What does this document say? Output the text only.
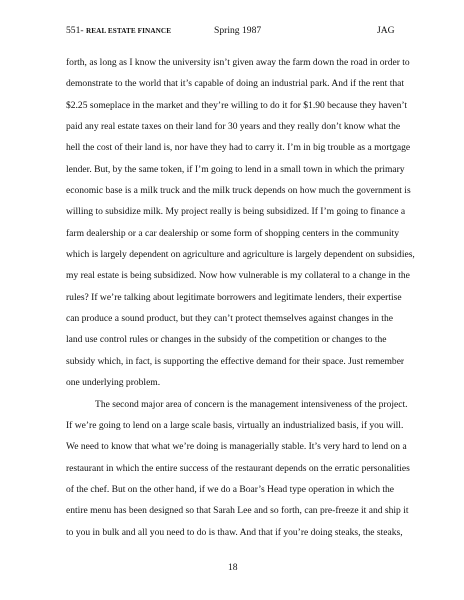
551- REAL ESTATE FINANCE	Spring 1987	JAG
forth, as long as I know the university isn’t given away the farm down the road in order to
demonstrate to the world that it’s capable of doing an industrial park. And if the rent that
$2.25 someplace in the market and they’re willing to do it for $1.90 because they haven’t
paid any real estate taxes on their land for 30 years and they really don’t know what the
hell the cost of their land is, nor have they had to carry it. I’m in big trouble as a mortgage
lender. But, by the same token, if I’m going to lend in a small town in which the primary
economic base is a milk truck and the milk truck depends on how much the government is
willing to subsidize milk. My project really is being subsidized. If I’m going to finance a
farm dealership or a car dealership or some form of shopping centers in the community
which is largely dependent on agriculture and agriculture is largely dependent on subsidies,
my real estate is being subsidized. Now how vulnerable is my collateral to a change in the
rules? If we’re talking about legitimate borrowers and legitimate lenders, their expertise
can produce a sound product, but they can’t protect themselves against changes in the
land use control rules or changes in the subsidy of the competition or changes to the
subsidy which, in fact, is supporting the effective demand for their space. Just remember
one underlying problem.
The second major area of concern is the management intensiveness of the project.
If we’re going to lend on a large scale basis, virtually an industrialized basis, if you will.
We need to know that what we’re doing is managerially stable. It’s very hard to lend on a
restaurant in which the entire success of the restaurant depends on the erratic personalities
of the chef. But on the other hand, if we do a Boar’s Head type operation in which the
entire menu has been designed so that Sarah Lee and so forth, can pre-freeze it and ship it
to you in bulk and all you need to do is thaw. And that if you’re doing steaks, the steaks,
18
